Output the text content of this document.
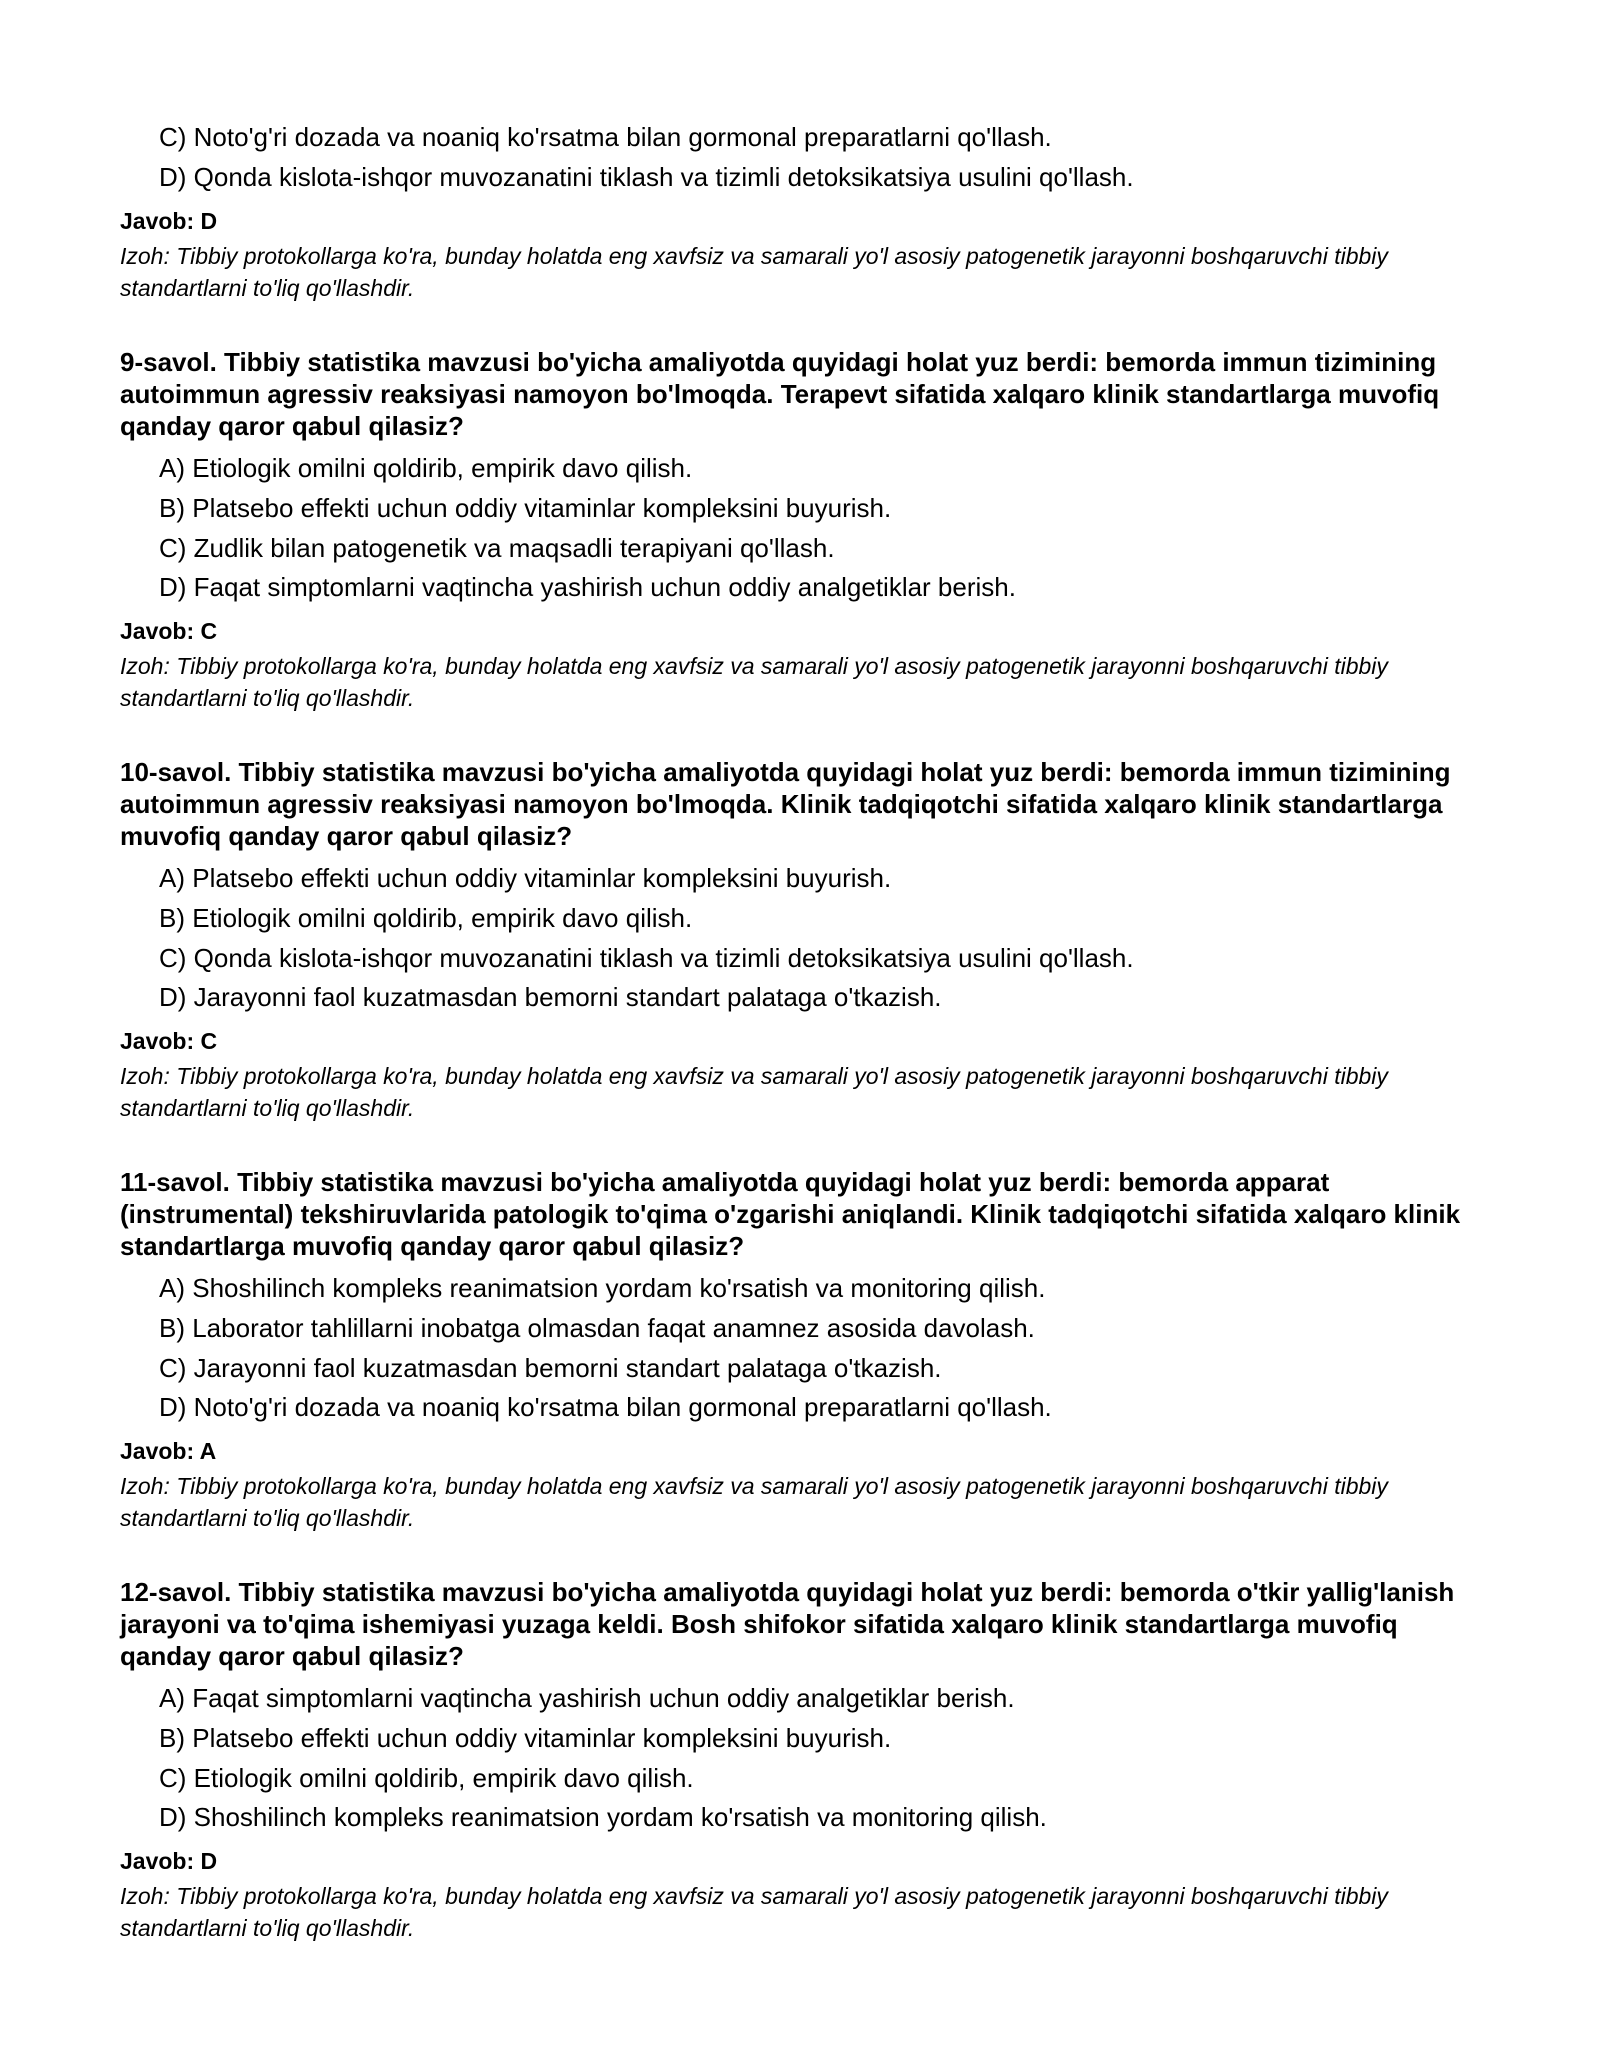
C) Noto'g'ri dozada va noaniq ko'rsatma bilan gormonal preparatlarni qo'llash.
D) Qonda kislota-ishqor muvozanatini tiklash va tizimli detoksikatsiya usulini qo'llash.
Javob: D
Izoh: Tibbiy protokollarga ko'ra, bunday holatda eng xavfsiz va samarali yo'l asosiy patogenetik jarayonni boshqaruvchi tibbiy standartlarni to'liq qo'llashdir.
9-savol. Tibbiy statistika mavzusi bo'yicha amaliyotda quyidagi holat yuz berdi: bemorda immun tizimining autoimmun agressiv reaksiyasi namoyon bo'lmoqda. Terapevt sifatida xalqaro klinik standartlarga muvofiq qanday qaror qabul qilasiz?
A) Etiologik omilni qoldirib, empirik davo qilish.
B) Platsebo effekti uchun oddiy vitaminlar kompleksini buyurish.
C) Zudlik bilan patogenetik va maqsadli terapiyani qo'llash.
D) Faqat simptomlarni vaqtincha yashirish uchun oddiy analgetiklar berish.
Javob: C
Izoh: Tibbiy protokollarga ko'ra, bunday holatda eng xavfsiz va samarali yo'l asosiy patogenetik jarayonni boshqaruvchi tibbiy standartlarni to'liq qo'llashdir.
10-savol. Tibbiy statistika mavzusi bo'yicha amaliyotda quyidagi holat yuz berdi: bemorda immun tizimining autoimmun agressiv reaksiyasi namoyon bo'lmoqda. Klinik tadqiqotchi sifatida xalqaro klinik standartlarga muvofiq qanday qaror qabul qilasiz?
A) Platsebo effekti uchun oddiy vitaminlar kompleksini buyurish.
B) Etiologik omilni qoldirib, empirik davo qilish.
C) Qonda kislota-ishqor muvozanatini tiklash va tizimli detoksikatsiya usulini qo'llash.
D) Jarayonni faol kuzatmasdan bemorni standart palataga o'tkazish.
Javob: C
Izoh: Tibbiy protokollarga ko'ra, bunday holatda eng xavfsiz va samarali yo'l asosiy patogenetik jarayonni boshqaruvchi tibbiy standartlarni to'liq qo'llashdir.
11-savol. Tibbiy statistika mavzusi bo'yicha amaliyotda quyidagi holat yuz berdi: bemorda apparat (instrumental) tekshiruvlarida patologik to'qima o'zgarishi aniqlandi. Klinik tadqiqotchi sifatida xalqaro klinik standartlarga muvofiq qanday qaror qabul qilasiz?
A) Shoshilinch kompleks reanimatsion yordam ko'rsatish va monitoring qilish.
B) Laborator tahlillarni inobatga olmasdan faqat anamnez asosida davolash.
C) Jarayonni faol kuzatmasdan bemorni standart palataga o'tkazish.
D) Noto'g'ri dozada va noaniq ko'rsatma bilan gormonal preparatlarni qo'llash.
Javob: A
Izoh: Tibbiy protokollarga ko'ra, bunday holatda eng xavfsiz va samarali yo'l asosiy patogenetik jarayonni boshqaruvchi tibbiy standartlarni to'liq qo'llashdir.
12-savol. Tibbiy statistika mavzusi bo'yicha amaliyotda quyidagi holat yuz berdi: bemorda o'tkir yallig'lanish jarayoni va to'qima ishemiyasi yuzaga keldi. Bosh shifokor sifatida xalqaro klinik standartlarga muvofiq qanday qaror qabul qilasiz?
A) Faqat simptomlarni vaqtincha yashirish uchun oddiy analgetiklar berish.
B) Platsebo effekti uchun oddiy vitaminlar kompleksini buyurish.
C) Etiologik omilni qoldirib, empirik davo qilish.
D) Shoshilinch kompleks reanimatsion yordam ko'rsatish va monitoring qilish.
Javob: D
Izoh: Tibbiy protokollarga ko'ra, bunday holatda eng xavfsiz va samarali yo'l asosiy patogenetik jarayonni boshqaruvchi tibbiy standartlarni to'liq qo'llashdir.
